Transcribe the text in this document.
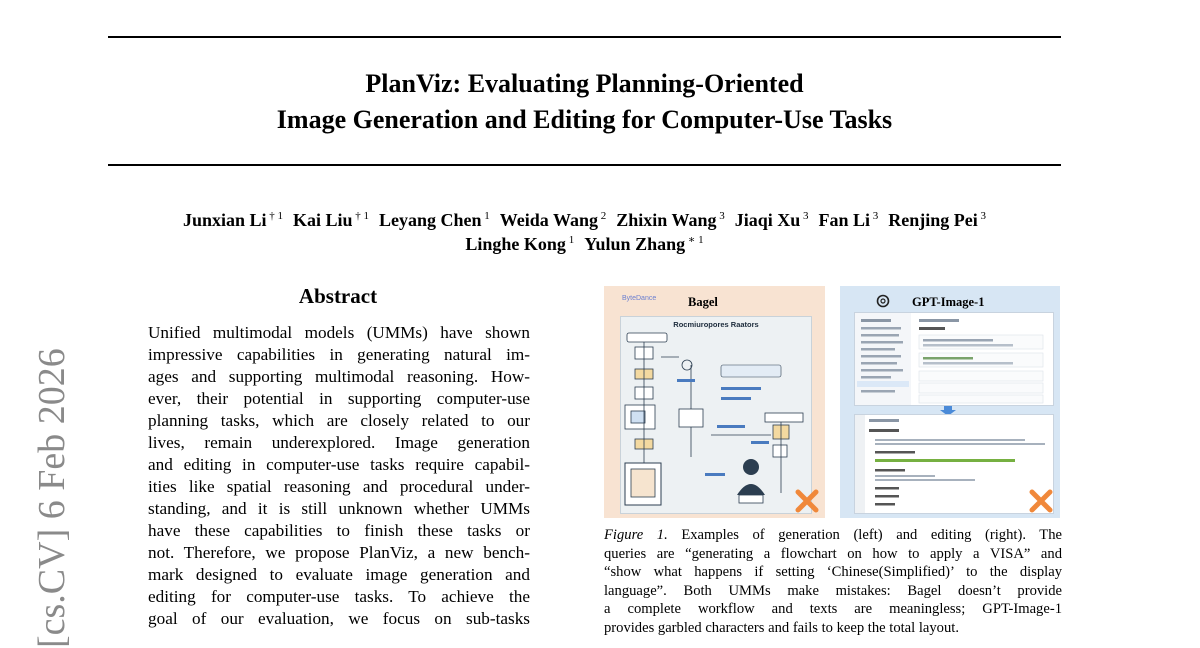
PlanViz: Evaluating Planning-Oriented
Image Generation and Editing for Computer-Use Tasks
Junxian Li $^{\dagger 1}$ Kai Liu $^{\dagger 1}$ Leyang Chen $^1$ Weida Wang $^2$ Zhixin Wang $^3$ Jiaqi Xu $^3$ Fan Li $^3$ Renjing Pei $^3$
Linghe Kong $^1$ Yulun Zhang $^{∗ 1}$
[cs.CV] 6 Feb 2026
Abstract
Unified multimodal models (UMMs) have shown
impressive capabilities in generating natural im-
ages and supporting multimodal reasoning. How-
ever, their potential in supporting computer-use
planning tasks, which are closely related to our
lives, remain underexplored. Image generation
and editing in computer-use tasks require capabil-
ities like spatial reasoning and procedural under-
standing, and it is still unknown whether UMMs
have these capabilities to finish these tasks or
not. Therefore, we propose PlanViz, a new bench-
mark designed to evaluate image generation and
editing for computer-use tasks. To achieve the
goal of our evaluation, we focus on sub-tasks
ByteDance	Bagel
Rocmiuropores Raators
GPT-Image-1
Figure 1. Examples of generation (left) and editing (right). The
queries are “generating a flowchart on how to apply a VISA” and
“show what happens if setting ‘Chinese(Simplified)’ to the display
language”. Both UMMs make mistakes: Bagel doesn’t provide
a complete workflow and texts are meaningless; GPT-Image-1
provides garbled characters and fails to keep the total layout.
